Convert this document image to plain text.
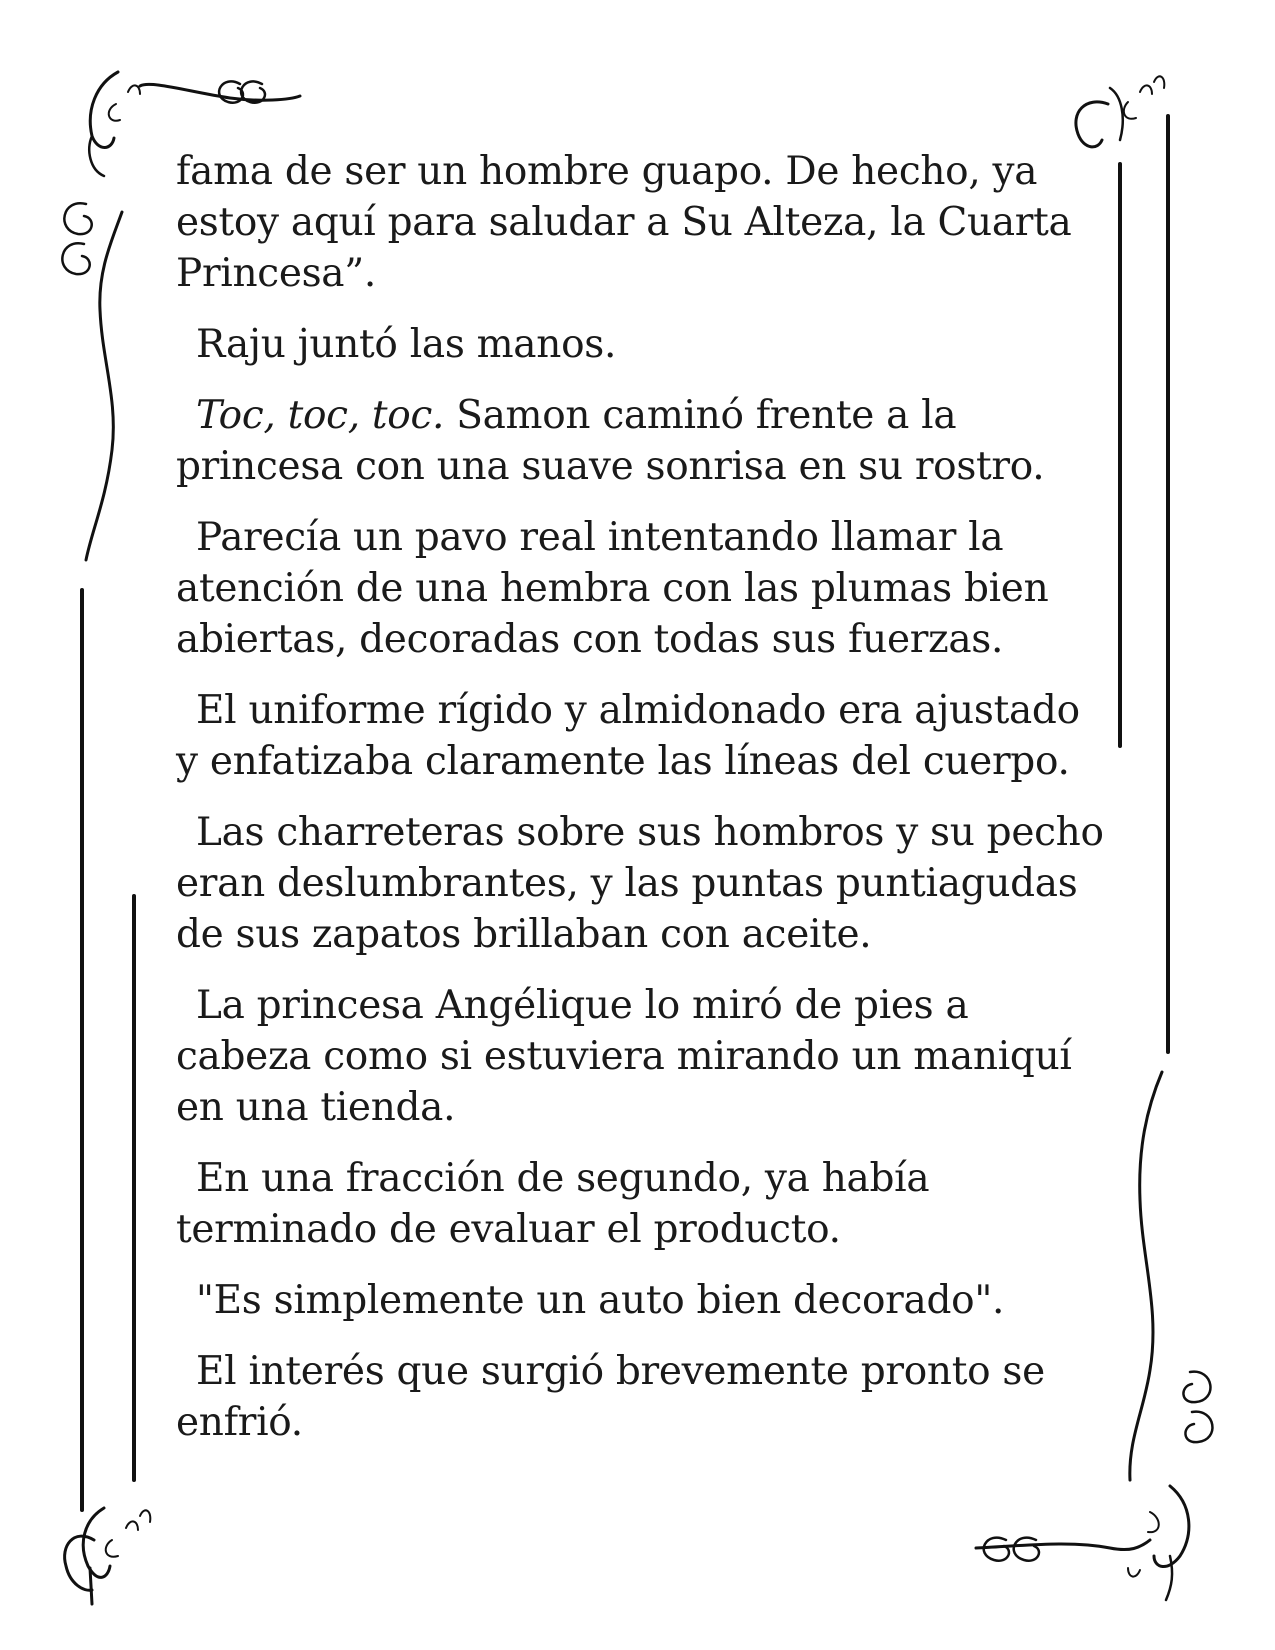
fama de ser un hombre guapo. De hecho, ya estoy aquí para saludar a Su Alteza, la Cuarta Princesa”.

Raju juntó las manos.

Toc, toc, toc. Samon caminó frente a la princesa con una suave sonrisa en su rostro.

Parecía un pavo real intentando llamar la atención de una hembra con las plumas bien abiertas, decoradas con todas sus fuerzas.

El uniforme rígido y almidonado era ajustado y enfatizaba claramente las líneas del cuerpo.

Las charreteras sobre sus hombros y su pecho eran deslumbrantes, y las puntas puntiagudas de sus zapatos brillaban con aceite.

La princesa Angélique lo miró de pies a cabeza como si estuviera mirando un maniquí en una tienda.

En una fracción de segundo, ya había terminado de evaluar el producto.

"Es simplemente un auto bien decorado".

El interés que surgió brevemente pronto se enfrió.
